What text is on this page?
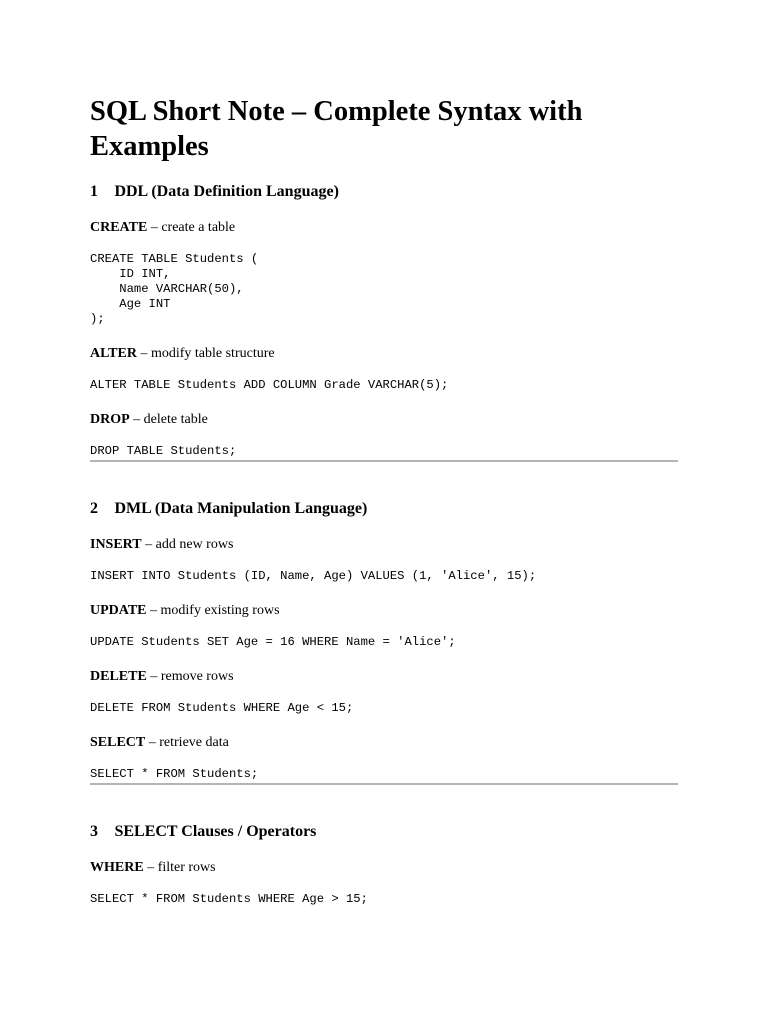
SQL Short Note – Complete Syntax with Examples
1⃣ DDL (Data Definition Language)

CREATE – create a table

CREATE TABLE Students (
ID INT,
Name VARCHAR(50),
Age INT
);

ALTER – modify table structure

ALTER TABLE Students ADD COLUMN Grade VARCHAR(5);

DROP – delete table

DROP TABLE Students;
2⃣ DML (Data Manipulation Language)

INSERT – add new rows

INSERT INTO Students (ID, Name, Age) VALUES (1, 'Alice', 15);

UPDATE – modify existing rows

UPDATE Students SET Age = 16 WHERE Name = 'Alice';

DELETE – remove rows

DELETE FROM Students WHERE Age < 15;

SELECT – retrieve data

SELECT * FROM Students;
3⃣ SELECT Clauses / Operators

WHERE – filter rows

SELECT * FROM Students WHERE Age > 15;
